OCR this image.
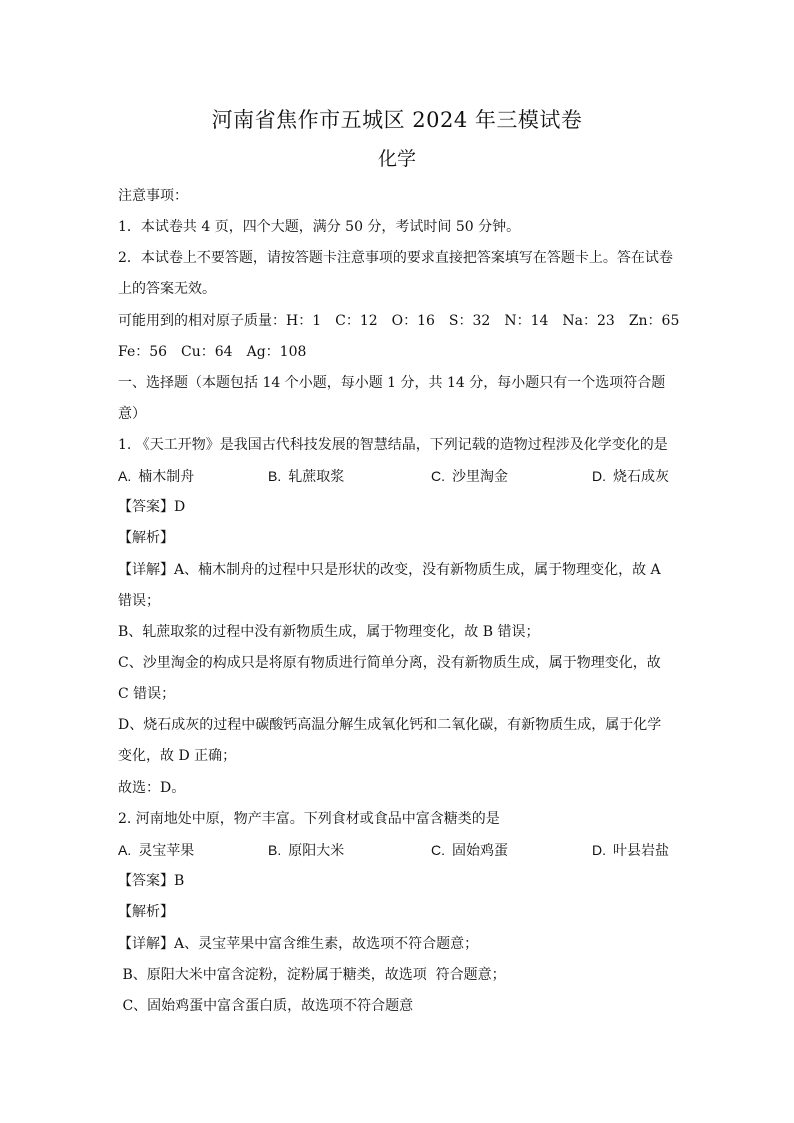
河南省焦作市五城区 2024 年三模试卷
化学
注意事项：
1．本试卷共 4 页，四个大题，满分 50 分，考试时间 50 分钟。
2．本试卷上不要答题，请按答题卡注意事项的要求直接把答案填写在答题卡上。答在试卷
上的答案无效。
可能用到的相对原子质量：H：1　C：12　O：16　S：32　N：14　Na：23　Zn：65
Fe：56　Cu：64　Ag：108
一、选择题（本题包括 14 个小题，每小题 1 分，共 14 分，每小题只有一个选项符合题
意）
1. 《天工开物》是我国古代科技发展的智慧结晶，下列记载的造物过程涉及化学变化的是
A. 楠木制舟	B. 轧蔗取浆	C. 沙里淘金	D. 烧石成灰
【答案】D
【解析】
【详解】A、楠木制舟的过程中只是形状的改变，没有新物质生成，属于物理变化，故 A
错误；
B、轧蔗取浆的过程中没有新物质生成，属于物理变化，故 B 错误；
C、沙里淘金的构成只是将原有物质进行简单分离，没有新物质生成，属于物理变化，故
C 错误；
D、烧石成灰的过程中碳酸钙高温分解生成氧化钙和二氧化碳，有新物质生成，属于化学
变化，故 D 正确；
故选：D。
2. 河南地处中原，物产丰富。下列食材或食品中富含糖类的是
A. 灵宝苹果	B. 原阳大米	C. 固始鸡蛋	D. 叶县岩盐
【答案】B
【解析】
【详解】A、灵宝苹果中富含维生素，故选项不符合题意；
B、原阳大米中富含淀粉，淀粉属于糖类，故选项  符合题意；
C、固始鸡蛋中富含蛋白质，故选项不符合题意
